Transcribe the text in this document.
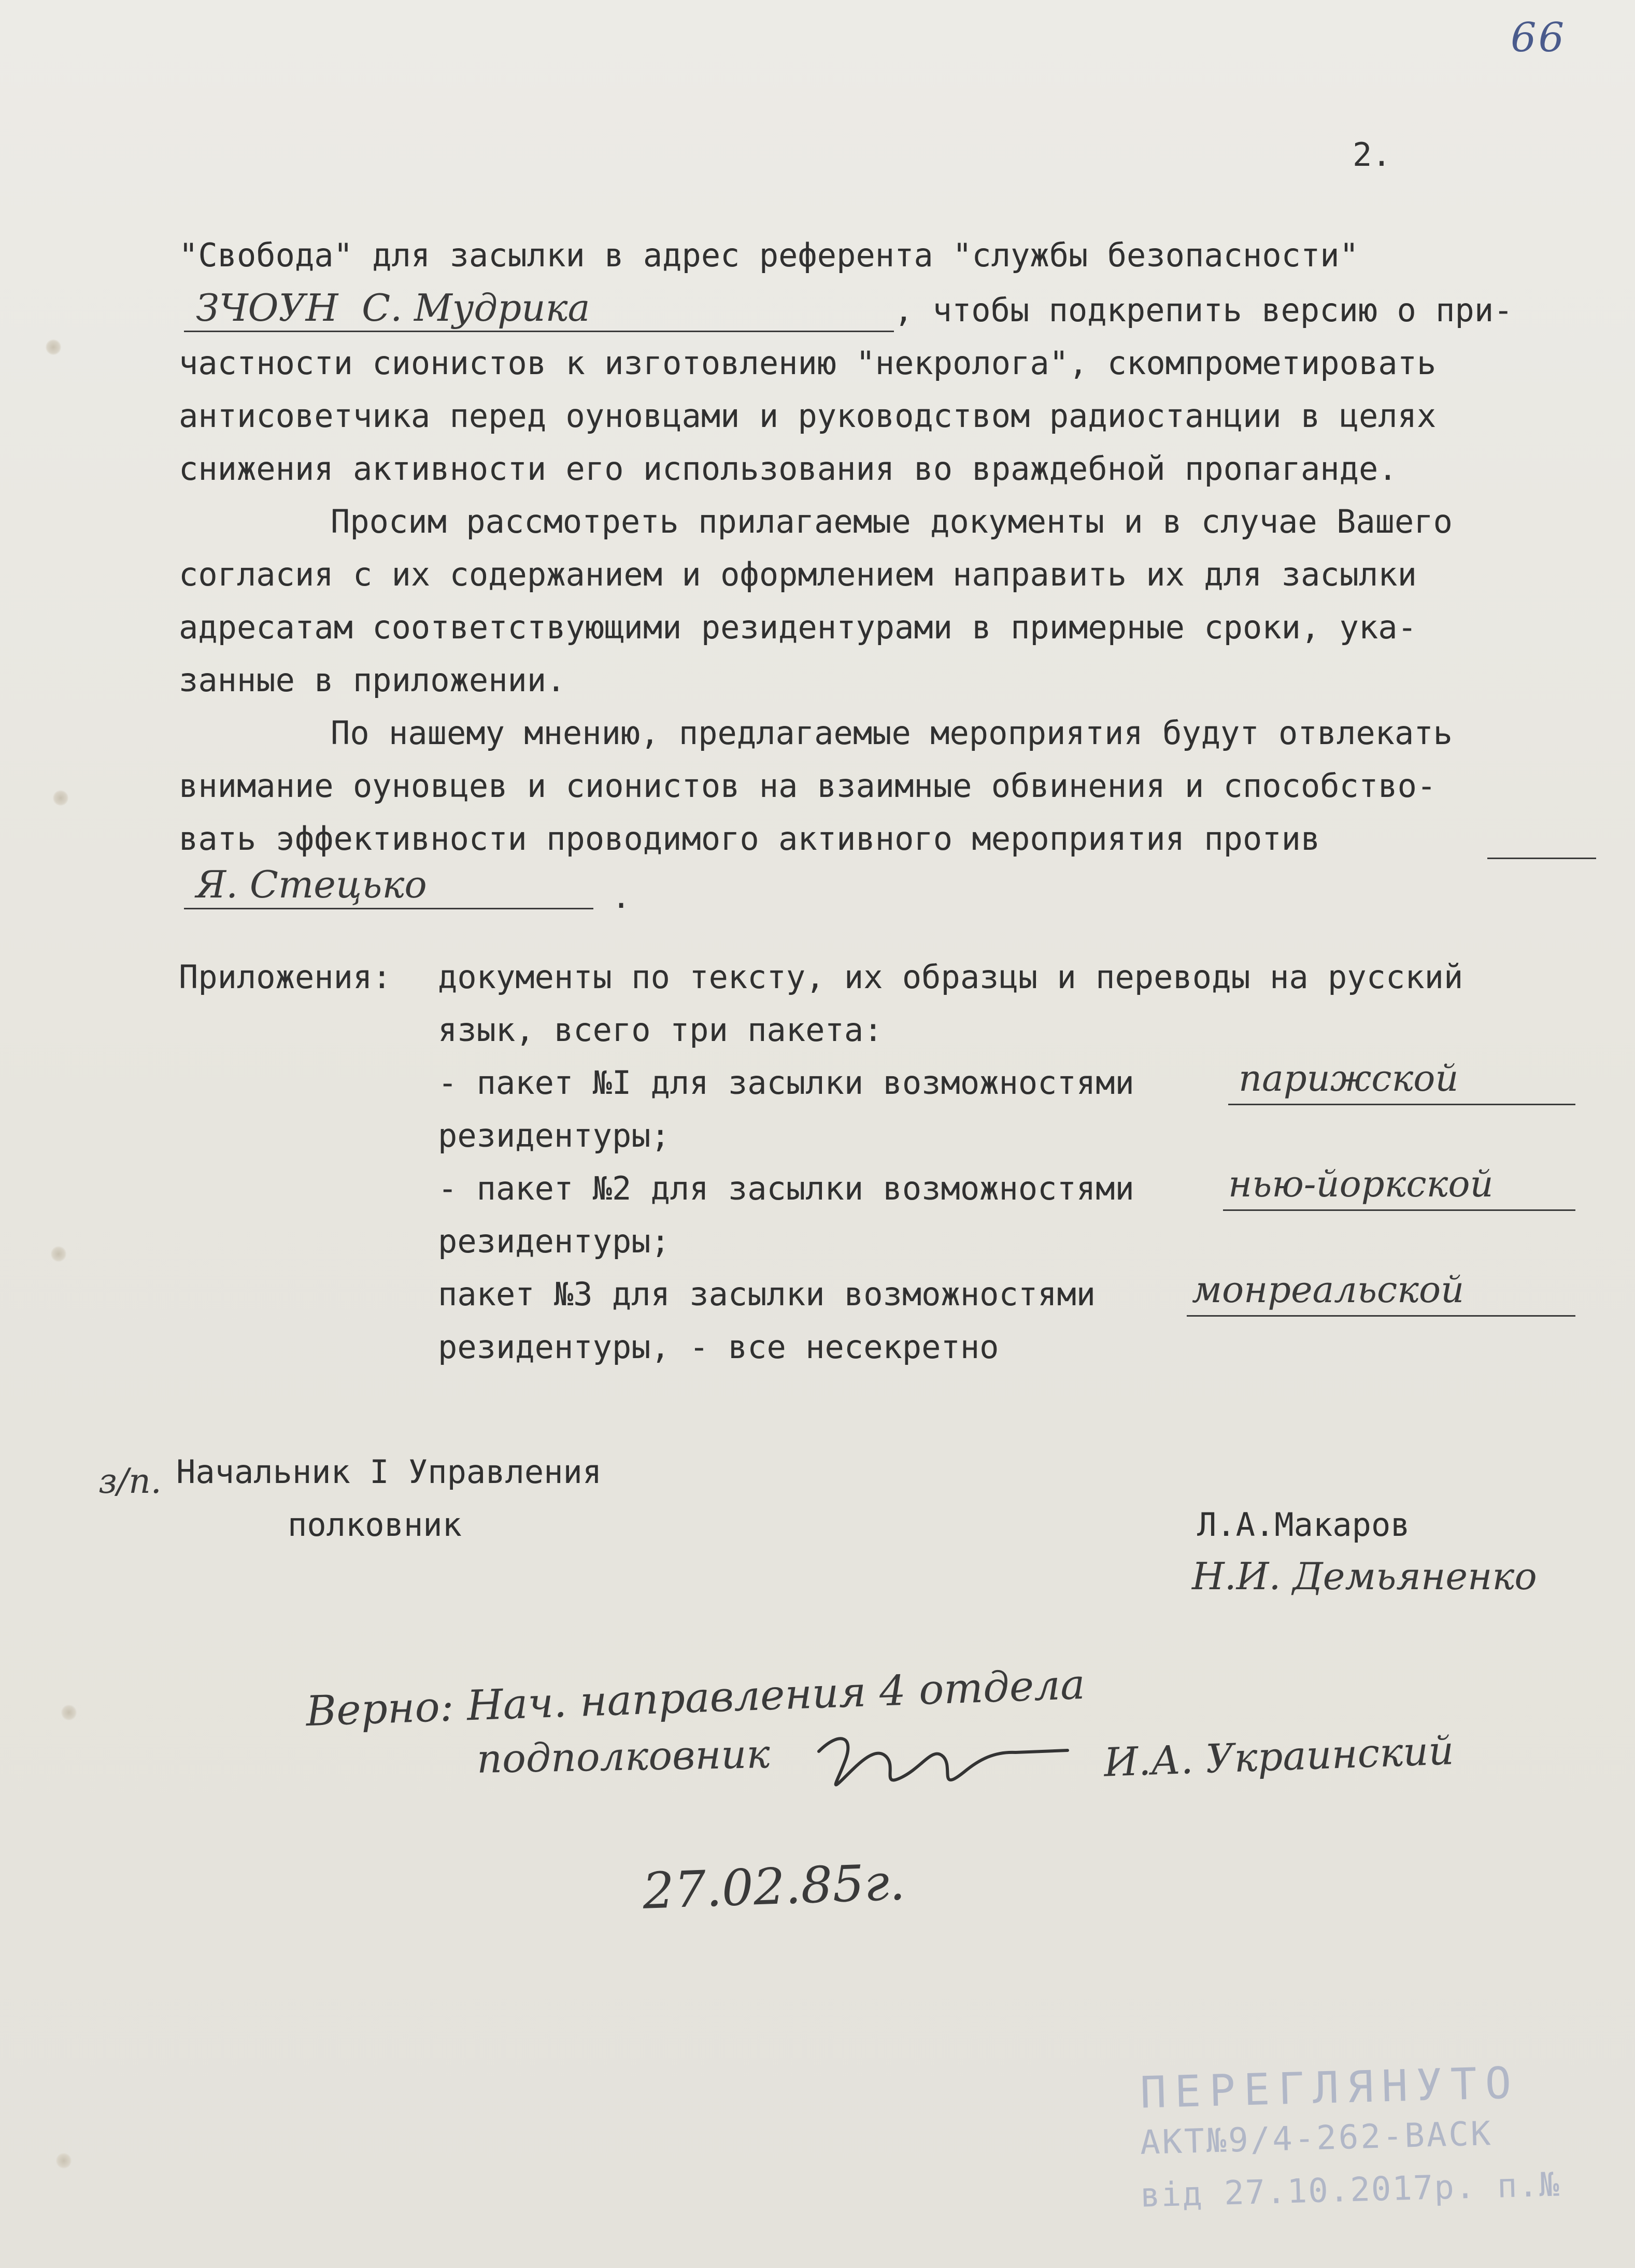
66
2.
"Свободa" для засылки в адрес референта "службы безопасности"
ЗЧОУН  С. Мудрика	, чтобы подкрепить версию о при-
частности сионистов к изготовлению "некролога", скомпрометировать
антисоветчика перед оуновцами и руководством радиостанции в целях
снижения активности его использования во враждебной пропаганде.
Просим рассмотреть прилагаемые документы и в случае Вашего
согласия с их содержанием и оформлением направить их для засылки
адресатам соответствующими резидентурами в примерные сроки, ука-
занные в приложении.
По нашему мнению, предлагаемые мероприятия будут отвлекать
внимание оуновцев и сионистов на взаимные обвинения и способство-
вать эффективности проводимого активного мероприятия против
Я. Стецько	.
Приложения: документы по тексту, их образцы и переводы на русский
язык, всего три пакета:
- пакет №I для засылки возможностями	парижской
резидентуры;
- пакет №2 для засылки возможностями	нью-йоркской
резидентуры;
пакет №3 для засылки возможностями	монреальской
резидентуры, - все несекретно
з/п. Начальник I Управления
полковник	Л.А.Макаров
Н.И. Демьяненко
Верно: Нач. направления 4 отдела
подполковник	И.А. Украинский
27.02.85г.
ПЕРЕГЛЯНУТО
АКТ№9/4-262-ВАСК
від 27.10.2017р. п.№
